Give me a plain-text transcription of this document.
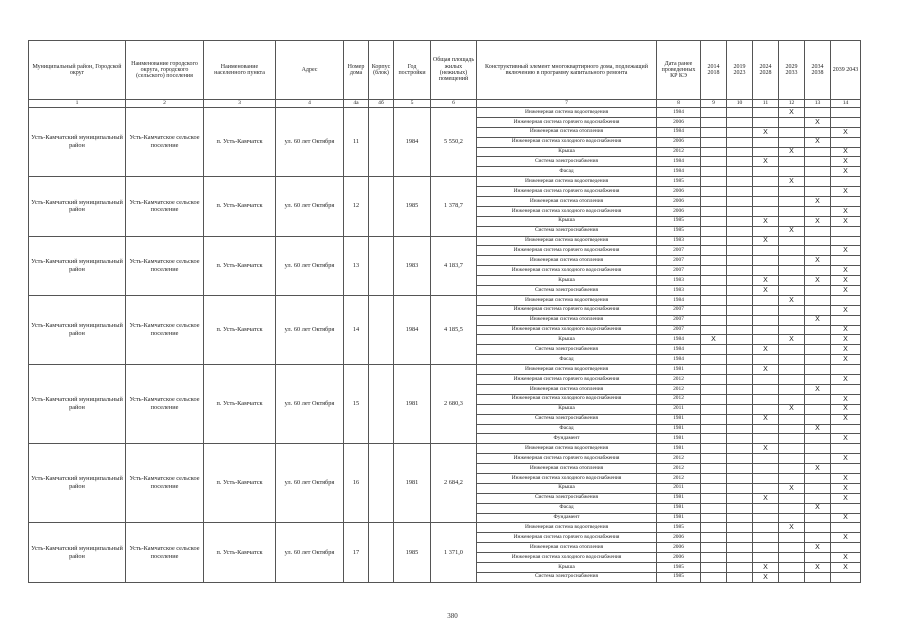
Муниципальный район, Городской округ	Наименование городского округа, городского (сельского) поселения	Наименование населенного пункта	Адрес	Номер дома	Корпус (блок)	Год постройки	Общая площадь жилых (нежилых) помещений	Конструктивный элемент многоквартирного дома, подлежащий включению в программу капитального ремонта	Дата ранее проведенных КР КЭ	2014 2018	2019 2023	2024 2028	2029 2033	2034 2038	2039 2043
1	2	3	4	4а	4б	5	6	7	8	9	10	11	12	13	14
Усть-Камчатский муниципальный район	Усть-Камчатское сельское поселение	п. Усть-Камчатск	ул. 60 лет Октября	11		1984	5 550,2	Инженерная система водоотведения	1984				X		
								Инженерная система горячего водоснабжения	2006					X	
								Инженерная система отопления	1984			X			X
								Инженерная система холодного водоснабжения	2006					X	
								Крыша	2012				X		X
								Система электроснабжения	1984			X			X
								Фасад	1984						X
Усть-Камчатский муниципальный район	Усть-Камчатское сельское поселение	п. Усть-Камчатск	ул. 60 лет Октября	12		1985	1 378,7	Инженерная система водоотведения	1985				X		
								Инженерная система горячего водоснабжения	2006						X
								Инженерная система отопления	2006					X	
								Инженерная система холодного водоснабжения	2006						X
								Крыша	1985			X		X	X
								Система электроснабжения	1985				X		
Усть-Камчатский муниципальный район	Усть-Камчатское сельское поселение	п. Усть-Камчатск	ул. 60 лет Октября	13		1983	4 183,7	Инженерная система водоотведения	1983			X			
								Инженерная система горячего водоснабжения	2007						X
								Инженерная система отопления	2007					X	
								Инженерная система холодного водоснабжения	2007						X
								Крыша	1983			X		X	X
								Система электроснабжения	1983			X			X
Усть-Камчатский муниципальный район	Усть-Камчатское сельское поселение	п. Усть-Камчатск	ул. 60 лет Октября	14		1984	4 185,5	Инженерная система водоотведения	1984				X		
								Инженерная система горячего водоснабжения	2007						X
								Инженерная система отопления	2007					X	
								Инженерная система холодного водоснабжения	2007						X
								Крыша	1984	X			X		X
								Система электроснабжения	1984			X			X
								Фасад	1984						X
Усть-Камчатский муниципальный район	Усть-Камчатское сельское поселение	п. Усть-Камчатск	ул. 60 лет Октября	15		1981	2 680,3	Инженерная система водоотведения	1981			X			
								Инженерная система горячего водоснабжения	2012						X
								Инженерная система отопления	2012					X	
								Инженерная система холодного водоснабжения	2012						X
								Крыша	2011				X		X
								Система электроснабжения	1981			X			X
								Фасад	1981					X	
								Фундамент	1981						X
Усть-Камчатский муниципальный район	Усть-Камчатское сельское поселение	п. Усть-Камчатск	ул. 60 лет Октября	16		1981	2 684,2	Инженерная система водоотведения	1981			X			
								Инженерная система горячего водоснабжения	2012						X
								Инженерная система отопления	2012					X	
								Инженерная система холодного водоснабжения	2012						X
								Крыша	2011				X		X
								Система электроснабжения	1981			X			X
								Фасад	1981					X	
								Фундамент	1981						X
Усть-Камчатский муниципальный район	Усть-Камчатское сельское поселение	п. Усть-Камчатск	ул. 60 лет Октября	17		1985	1 371,0	Инженерная система водоотведения	1985				X		
								Инженерная система горячего водоснабжения	2006						X
								Инженерная система отопления	2006					X	
								Инженерная система холодного водоснабжения	2006						X
								Крыша	1985			X		X	X
								Система электроснабжения	1985			X			
380
